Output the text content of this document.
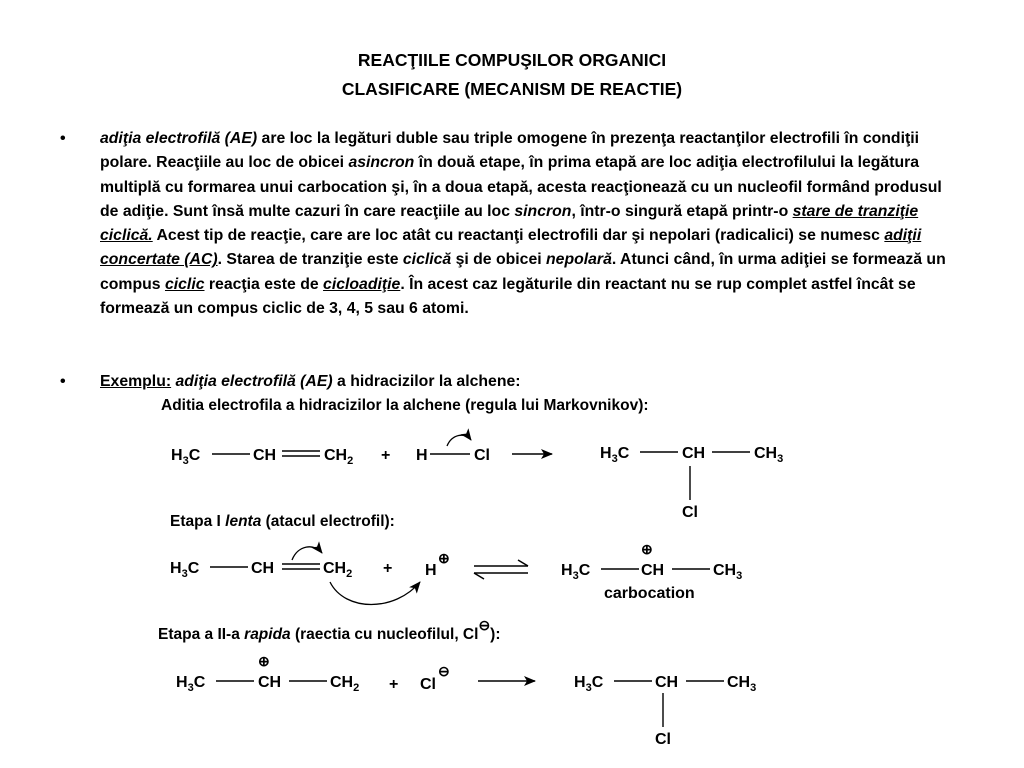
REACŢIILE COMPUŞILOR ORGANICI
CLASIFICARE (MECANISM DE REACTIE)
• adiţia electrofilă (AE) are loc la legături duble sau triple omogene în prezenţa reactanţilor electrofili în condiţii polare. Reacţiile au loc de obicei asincron în două etape, în prima etapă are loc adiţia electrofilului la legătura multiplă cu formarea unui carbocation şi, în a doua etapă, acesta reacţionează cu un nucleofil formând produsul de adiţie. Sunt însă multe cazuri în care reacţiile au loc sincron, într-o singură etapă printr-o stare de tranziţie ciclică. Acest tip de reacţie, care are loc atât cu reactanţi electrofili dar şi nepolari (radicalici) se numesc adiţii concertate (AC). Starea de tranziţie este ciclică şi de obicei nepolară. Atunci când, în urma adiţiei se formează un compus ciclic reacţia este de cicloadiţie. În acest caz legăturile din reactant nu se rup complet astfel încât se formează un compus ciclic de 3, 4, 5 sau 6 atomi.
• Exemplu: adiţia electrofilă (AE) a hidracizilor la alchene:
Aditia electrofila a hidracizilor la alchene (regula lui Markovnikov):
Etapa I lenta (atacul electrofil):
Etapa a II-a rapida (raectia cu nucleofilul, Cl⊖):
$H_3C$	CH	$CH_2 + H$	Cl	$H_3C$	CH	$CH_3$
Cl
$H_3C$	CH	$CH_2 + H$
⊕
$H_3C$	CH
⊕
$CH_3$
carbocation
$H_3C$	CH
⊕
$CH_2 + Cl$
⊖
$H_3C$	CH	$CH_3$
Cl
